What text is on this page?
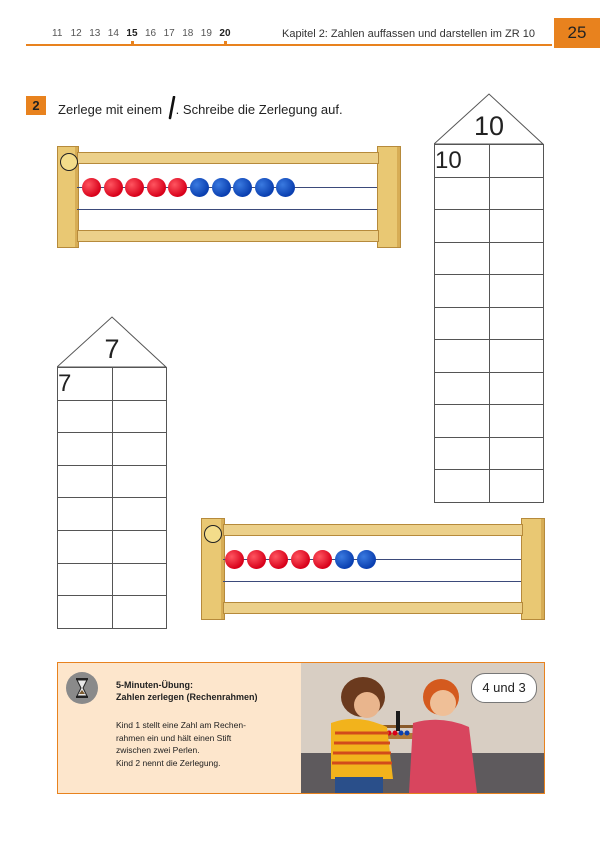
11 12 13 14 15 16 17 18 19 20	Kapitel 2: Zahlen auffassen und darstellen im ZR 10	25
2	Zerlege mit einem . Schreibe die Zerlegung auf.
10
10	

7
7	

5-Minuten-Übung:
Zahlen zerlegen (Rechenrahmen)
Kind 1 stellt eine Zahl am Rechen-
rahmen ein und hält einen Stift
zwischen zwei Perlen.
Kind 2 nennt die Zerlegung.
4 und 3
